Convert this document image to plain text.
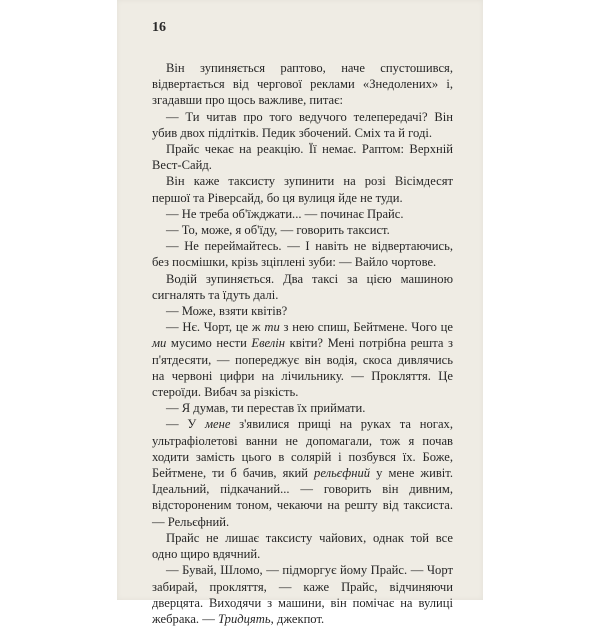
16

Він зупиняється раптово, наче спустошився, відвертається від чергової реклами «Знедолених» і, згадавши про щось важливе, питає:

— Ти читав про того ведучого телепередачі? Він убив двох підлітків. Педик збочений. Сміх та й годі.

Прайс чекає на реакцію. Її немає. Раптом: Верхній Вест-Сайд.

Він каже таксисту зупинити на розі Вісімдесят першої та Ріверсайд, бо ця вулиця йде не туди.

— Не треба об'їжджати... — починає Прайс.

— То, може, я об'їду, — говорить таксист.

— Не переймайтесь. — І навіть не відвертаючись, без посмішки, крізь зціплені зуби: — Вайло чортове.

Водій зупиняється. Два таксі за цією машиною сигналять та їдуть далі.

— Може, взяти квітів?

— Нє. Чорт, це ж ти з нею спиш, Бейтмене. Чого це ми мусимо нести Евелін квіти? Мені потрібна решта з п'ятдесяти, — попереджує він водія, скоса дивлячись на червоні цифри на лічильнику. — Прокляття. Це стероїди. Вибач за різкість.

— Я думав, ти перестав їх приймати.

— У мене з'явилися прищі на руках та ногах, ультрафіолетові ванни не допомагали, тож я почав ходити замість цього в солярій і позбувся їх. Боже, Бейтмене, ти б бачив, який рельєфний у мене живіт. Ідеальний, підкачаний... — говорить він дивним, відстороненим тоном, чекаючи на решту від таксиста. — Рельєфний.

Прайс не лишає таксисту чайових, однак той все одно щиро вдячний.

— Бувай, Шломо, — підморгує йому Прайс. — Чорт забирай, прокляття, — каже Прайс, відчиняючи дверцята. Виходячи з машини, він помічає на вулиці жебрака. — Тридцять, джекпот.
